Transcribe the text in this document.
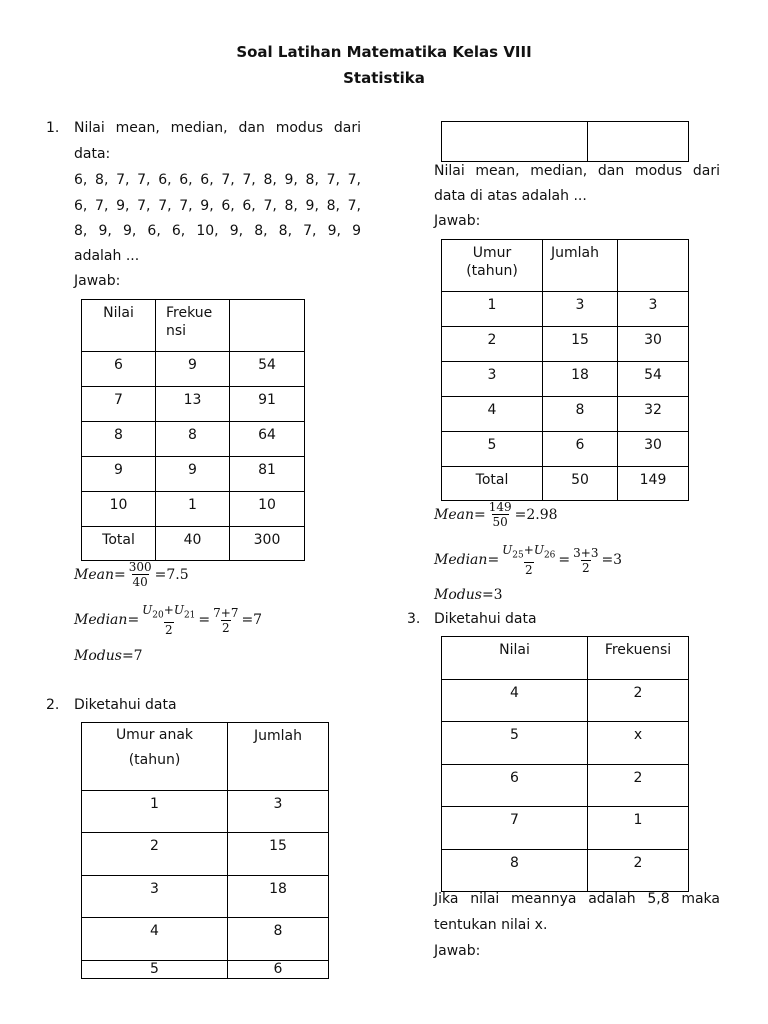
Soal Latihan Matematika Kelas VIII
Statistika
1. Nilai mean, median, dan modus dari
data:
6, 8, 7, 7, 6, 6, 6, 7, 7, 8, 9, 8, 7, 7,
6, 7, 9, 7, 7, 7, 9, 6, 6, 7, 8, 9, 8, 7,
8, 9, 9, 6, 6, 10, 9, 8, 8, 7, 9, 9
adalah ...
Jawab:
Nilai	Frekue nsi	
6	9	54
7	13	91
8	8	64
9	9	81
10	1	10
Total	40	300
Mean = $\frac{300}{40} =7.5$
Median = $\frac{U_{20}+U_{21}}{2} = \frac{7+7}{2} =7$
Modus =7
2. Diketahui data
Umur anak
(tahun)	Jumlah
1	3
2	15
3	18
4	8
5	6

Nilai mean, median, dan modus dari
data di atas adalah ...
Jawab:
Umur (tahun)	Jumlah	
1	3	3
2	15	30
3	18	54
4	8	32
5	6	30
Total	50	149
Mean = $\frac{149}{50} =2.98$
Median = $\frac{U_{25}+U_{26}}{2} = \frac{3+3}{2} =3$
Modus =3
3. Diketahui data
Nilai	Frekuensi
4	2
5	x
6	2
7	1
8	2
Jika nilai meannya adalah 5,8 maka
tentukan nilai x.
Jawab:
